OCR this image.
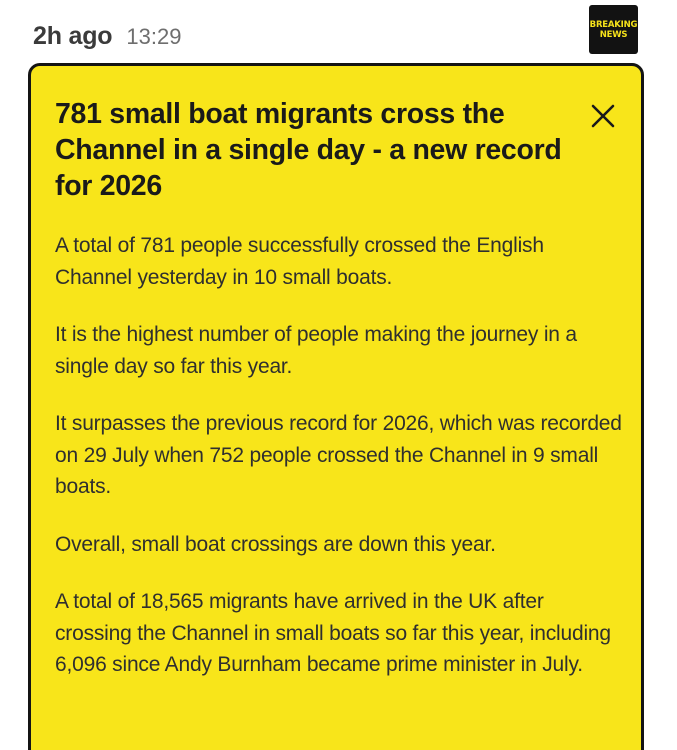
2h ago 13:29	BREAKING
NEWS
781 small boat migrants cross the Channel in a single day - a new record for 2026

A total of 781 people successfully crossed the English Channel yesterday in 10 small boats.

It is the highest number of people making the journey in a single day so far this year.

It surpasses the previous record for 2026, which was recorded on 29 July when 752 people crossed the Channel in 9 small boats.

Overall, small boat crossings are down this year.

A total of 18,565 migrants have arrived in the UK after crossing the Channel in small boats so far this year, including 6,096 since Andy Burnham became prime minister in July.
